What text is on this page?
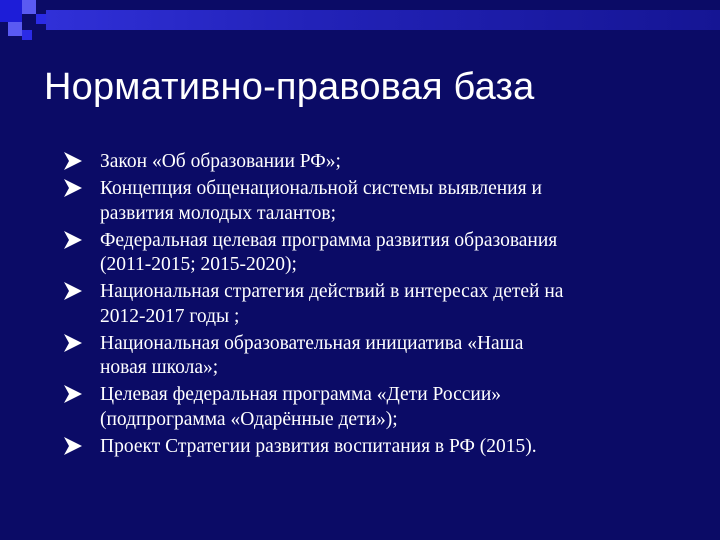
Нормативно-правовая база
Закон «Об образовании РФ»;
Концепция общенациональной системы выявления и
развития молодых талантов;
Федеральная целевая программа развития образования
(2011-2015; 2015-2020);
Национальная стратегия действий в интересах детей на
2012-2017 годы ;
Национальная образовательная инициатива «Наша
новая школа»;
Целевая федеральная программа «Дети России»
(подпрограмма «Одарённые дети»);
Проект Стратегии развития воспитания в РФ (2015).
